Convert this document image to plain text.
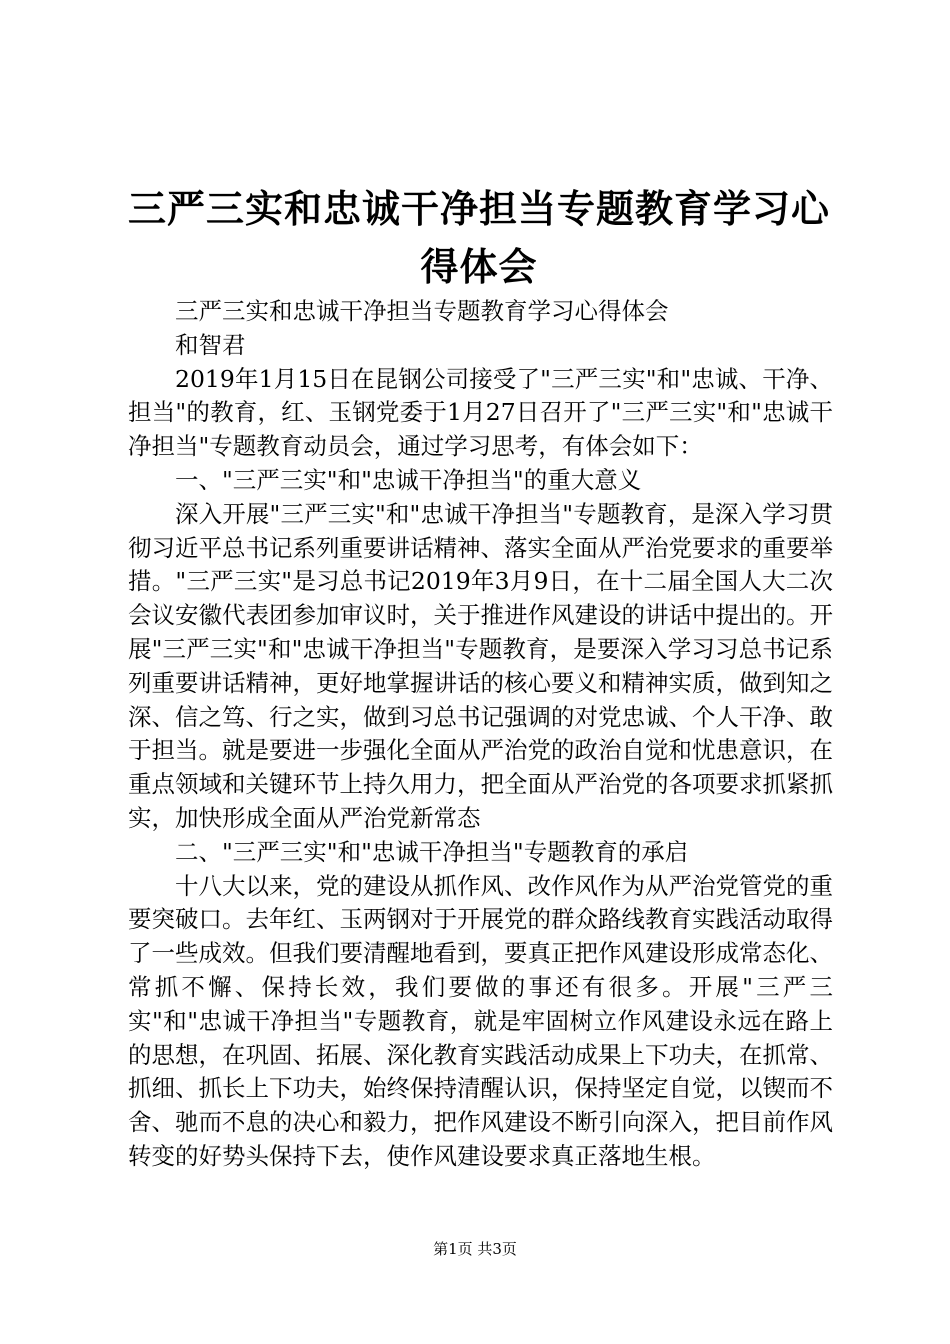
三严三实和忠诚干净担当专题教育学习心得体会

三严三实和忠诚干净担当专题教育学习心得体会

和智君

2019年1月15日在昆钢公司接受了"三严三实"和"忠诚、干净、担当"的教育，红、玉钢党委于1月27日召开了"三严三实"和"忠诚干净担当"专题教育动员会，通过学习思考，有体会如下：

一、"三严三实"和"忠诚干净担当"的重大意义

深入开展"三严三实"和"忠诚干净担当"专题教育，是深入学习贯彻习近平总书记系列重要讲话精神、落实全面从严治党要求的重要举措。"三严三实"是习总书记2019年3月9日，在十二届全国人大二次会议安徽代表团参加审议时，关于推进作风建设的讲话中提出的。开展"三严三实"和"忠诚干净担当"专题教育，是要深入学习习总书记系列重要讲话精神，更好地掌握讲话的核心要义和精神实质，做到知之深、信之笃、行之实，做到习总书记强调的对党忠诚、个人干净、敢于担当。就是要进一步强化全面从严治党的政治自觉和忧患意识，在重点领域和关键环节上持久用力，把全面从严治党的各项要求抓紧抓实，加快形成全面从严治党新常态

二、"三严三实"和"忠诚干净担当"专题教育的承启

十八大以来，党的建设从抓作风、改作风作为从严治党管党的重要突破口。去年红、玉两钢对于开展党的群众路线教育实践活动取得了一些成效。但我们要清醒地看到，要真正把作风建设形成常态化、常抓不懈、保持长效，我们要做的事还有很多。开展"三严三实"和"忠诚干净担当"专题教育，就是牢固树立作风建设永远在路上的思想，在巩固、拓展、深化教育实践活动成果上下功夫，在抓常、抓细、抓长上下功夫，始终保持清醒认识，保持坚定自觉，以锲而不舍、驰而不息的决心和毅力，把作风建设不断引向深入，把目前作风转变的好势头保持下去，使作风建设要求真正落地生根。

第1页 共3页
